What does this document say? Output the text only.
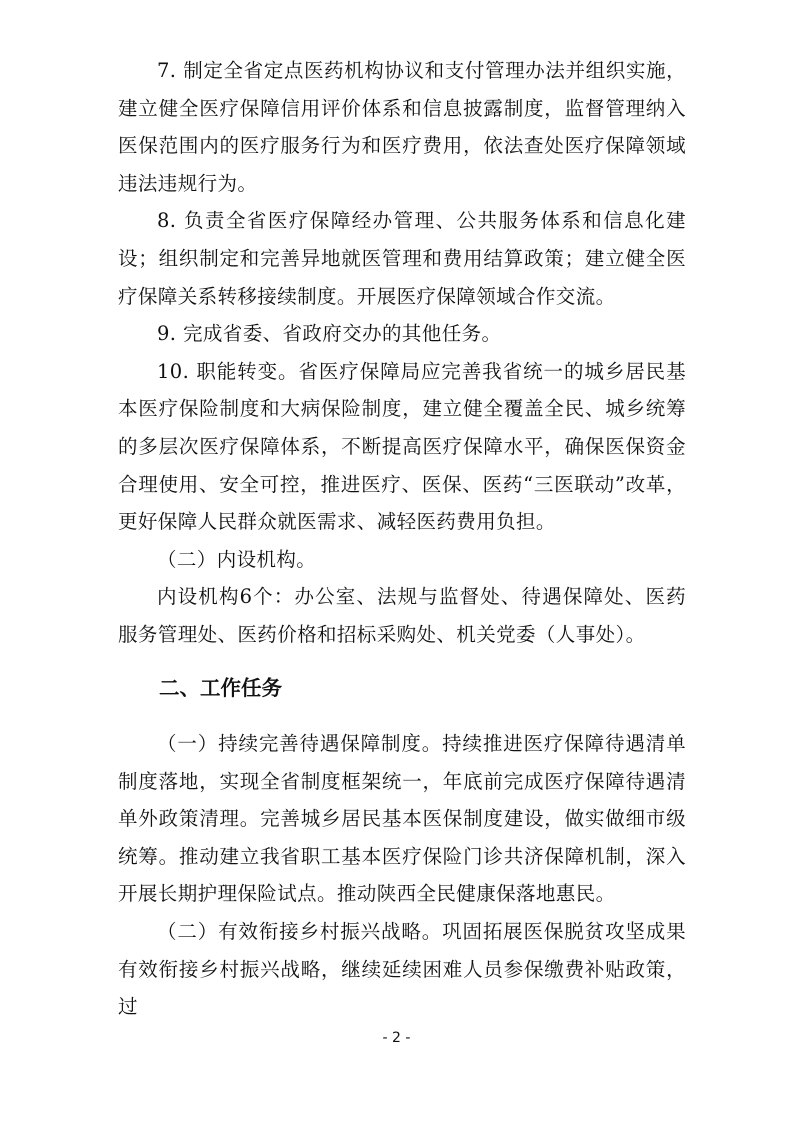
7. 制定全省定点医药机构协议和支付管理办法并组织实施，建立健全医疗保障信用评价体系和信息披露制度，监督管理纳入医保范围内的医疗服务行为和医疗费用，依法查处医疗保障领域违法违规行为。

8. 负责全省医疗保障经办管理、公共服务体系和信息化建设；组织制定和完善异地就医管理和费用结算政策；建立健全医疗保障关系转移接续制度。开展医疗保障领域合作交流。

9. 完成省委、省政府交办的其他任务。

10. 职能转变。省医疗保障局应完善我省统一的城乡居民基本医疗保险制度和大病保险制度，建立健全覆盖全民、城乡统筹的多层次医疗保障体系，不断提高医疗保障水平，确保医保资金合理使用、安全可控，推进医疗、医保、医药“三医联动”改革，更好保障人民群众就医需求、减轻医药费用负担。

（二）内设机构。

内设机构6个：办公室、法规与监督处、待遇保障处、医药服务管理处、医药价格和招标采购处、机关党委（人事处）。

二、工作任务

（一）持续完善待遇保障制度。持续推进医疗保障待遇清单制度落地，实现全省制度框架统一，年底前完成医疗保障待遇清单外政策清理。完善城乡居民基本医保制度建设，做实做细市级统筹。推动建立我省职工基本医疗保险门诊共济保障机制，深入开展长期护理保险试点。推动陕西全民健康保落地惠民。

（二）有效衔接乡村振兴战略。巩固拓展医保脱贫攻坚成果有效衔接乡村振兴战略，继续延续困难人员参保缴费补贴政策，过

- 2 -
